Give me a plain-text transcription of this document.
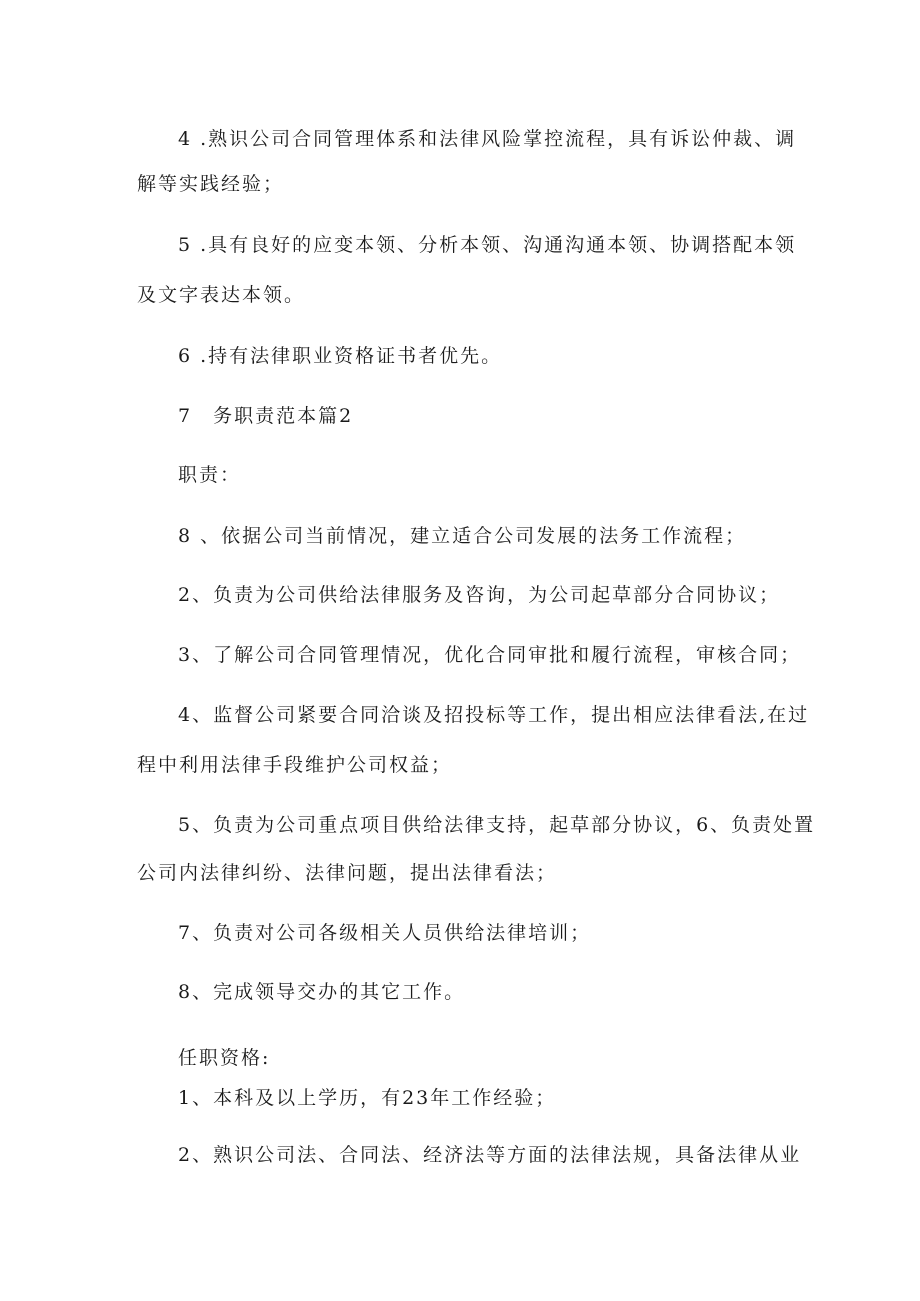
4 .熟识公司合同管理体系和法律风险掌控流程，具有诉讼仲裁、调
解等实践经验；

5 .具有良好的应变本领、分析本领、沟通沟通本领、协调搭配本领
及文字表达本领。

6 .持有法律职业资格证书者优先。

7　务职责范本篇2

职责：

8 、依据公司当前情况，建立适合公司发展的法务工作流程；

2、负责为公司供给法律服务及咨询，为公司起草部分合同协议；

3、了解公司合同管理情况，优化合同审批和履行流程，审核合同；

4、监督公司紧要合同洽谈及招投标等工作，提出相应法律看法,在过
程中利用法律手段维护公司权益；

5、负责为公司重点项目供给法律支持，起草部分协议，6、负责处置
公司内法律纠纷、法律问题，提出法律看法；

7、负责对公司各级相关人员供给法律培训；

8、完成领导交办的其它工作。

任职资格:

1、本科及以上学历，有23年工作经验；

2、熟识公司法、合同法、经济法等方面的法律法规，具备法律从业
